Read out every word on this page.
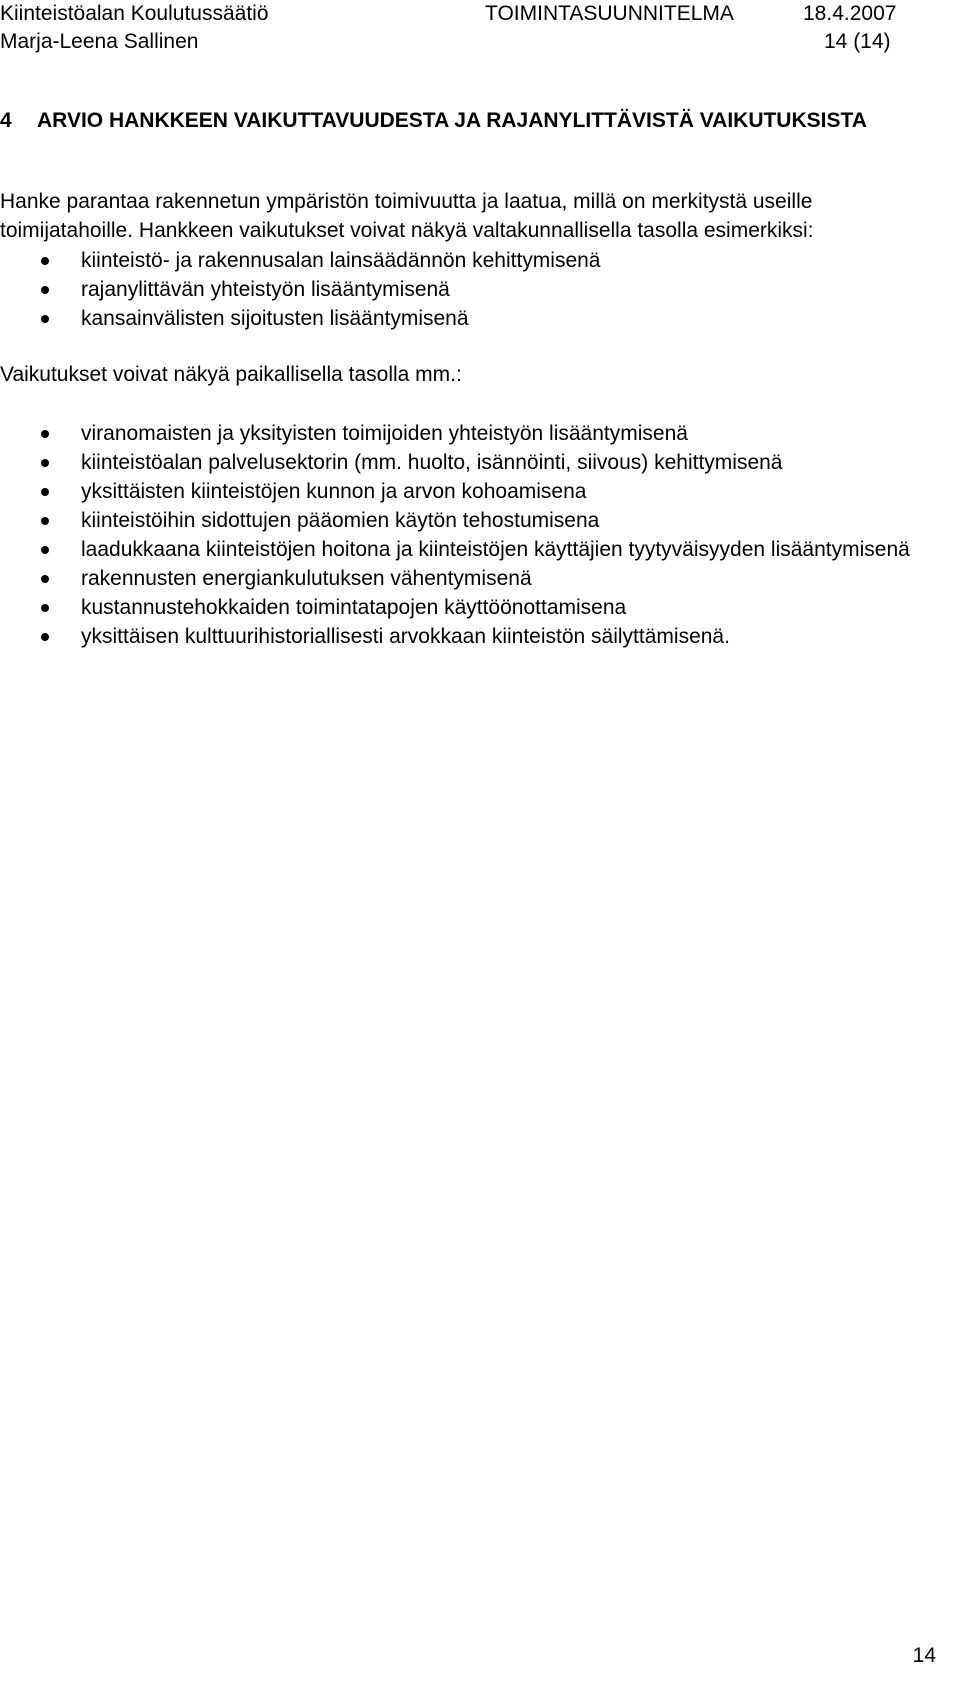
Kiinteistöalan Koulutussäätiö	TOIMINTASUUNNITELMA	18.4.2007
Marja-Leena Sallinen	14 (14)
4 ARVIO HANKKEEN VAIKUTTAVUUDESTA JA RAJANYLITTÄVISTÄ VAIKUTUKSISTA
Hanke parantaa rakennetun ympäristön toimivuutta ja laatua, millä on merkitystä useille toimijatahoille. Hankkeen vaikutukset voivat näkyä valtakunnallisella tasolla esimerkiksi:
kiinteistö- ja rakennusalan lainsäädännön kehittymisenä
rajanylittävän yhteistyön lisääntymisenä
kansainvälisten sijoitusten lisääntymisenä
Vaikutukset voivat näkyä paikallisella tasolla mm.:
viranomaisten ja yksityisten toimijoiden yhteistyön lisääntymisenä
kiinteistöalan palvelusektorin (mm. huolto, isännöinti, siivous) kehittymisenä
yksittäisten kiinteistöjen kunnon ja arvon kohoamisena
kiinteistöihin sidottujen pääomien käytön tehostumisena
laadukkaana kiinteistöjen hoitona ja kiinteistöjen käyttäjien tyytyväisyyden lisääntymisenä
rakennusten energiankulutuksen vähentymisenä
kustannustehokkaiden toimintatapojen käyttöönottamisena
yksittäisen kulttuurihistoriallisesti arvokkaan kiinteistön säilyttämisenä.
14
